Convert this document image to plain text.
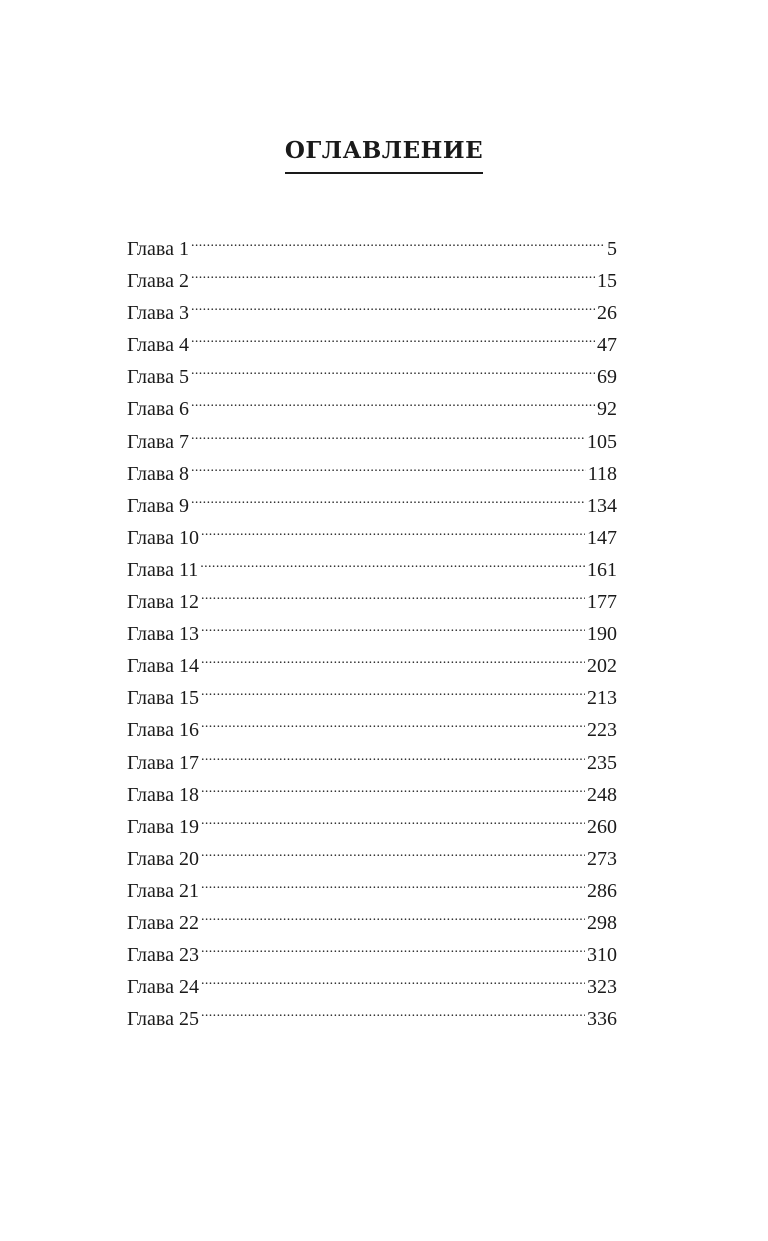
ОГЛАВЛЕНИЕ
Глава 1 .....	5
Глава 2 .....	15
Глава 3 .....	26
Глава 4 .....	47
Глава 5 .....	69
Глава 6 .....	92
Глава 7 .....	105
Глава 8 .....	118
Глава 9 .....	134
Глава 10 .....	147
Глава 11 .....	161
Глава 12 .....	177
Глава 13 .....	190
Глава 14 .....	202
Глава 15 .....	213
Глава 16 .....	223
Глава 17 .....	235
Глава 18 .....	248
Глава 19 .....	260
Глава 20 .....	273
Глава 21 .....	286
Глава 22 .....	298
Глава 23 .....	310
Глава 24 .....	323
Глава 25 .....	336
